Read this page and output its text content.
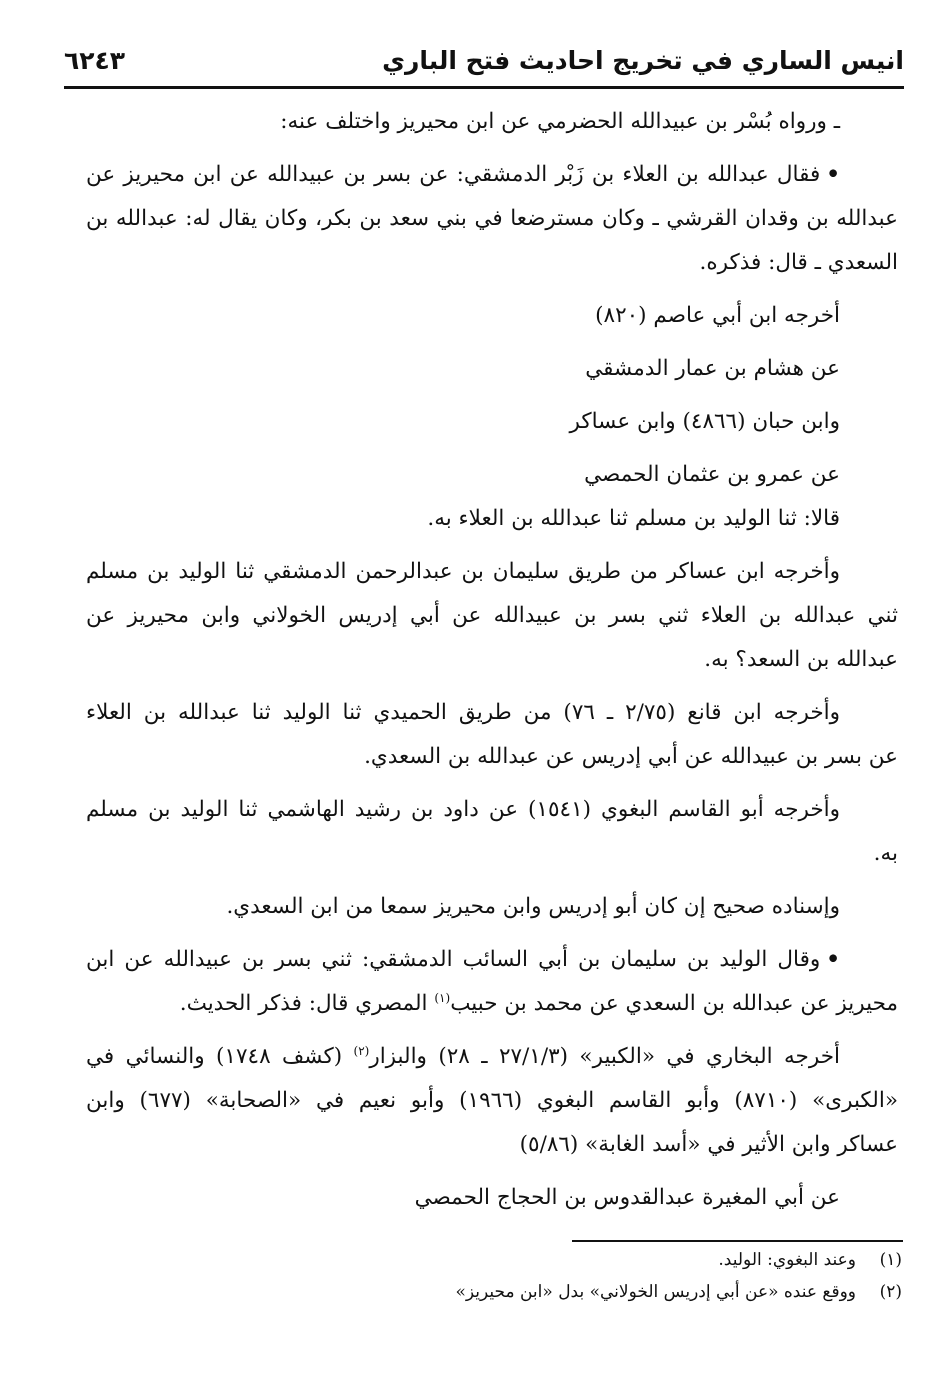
انيس الساري في تخريج احاديث فتح الباري
٦٢٤٣

ـ ورواه بُسْر بن عبيدالله الحضرمي عن ابن محيريز واختلف عنه:

•فقال عبدالله بن العلاء بن زَبْر الدمشقي: عن بسر بن عبيدالله عن ابن محيريز عن

عبدالله بن وقدان القرشي ـ وكان مسترضعا في بني سعد بن بكر، وكان يقال له: عبدالله بن

السعدي ـ قال: فذكره.

أخرجه ابن أبي عاصم (٨٢٠)

عن هشام بن عمار الدمشقي

وابن حبان (٤٨٦٦) وابن عساكر

عن عمرو بن عثمان الحمصي

قالا: ثنا الوليد بن مسلم ثنا عبدالله بن العلاء به.

وأخرجه ابن عساكر من طريق سليمان بن عبدالرحمن الدمشقي ثنا الوليد بن مسلم

ثني عبدالله بن العلاء ثني بسر بن عبيدالله عن أبي إدريس الخولاني وابن محيريز عن

عبدالله بن السعد؟ به.

وأخرجه ابن قانع (٢/٧٥ ـ ٧٦) من طريق الحميدي ثنا الوليد ثنا عبدالله بن العلاء

عن بسر بن عبيدالله عن أبي إدريس عن عبدالله بن السعدي.

وأخرجه أبو القاسم البغوي (١٥٤١) عن داود بن رشيد الهاشمي ثنا الوليد بن مسلم

به.

وإسناده صحيح إن كان أبو إدريس وابن محيريز سمعا من ابن السعدي.

•وقال الوليد بن سليمان بن أبي السائب الدمشقي: ثني بسر بن عبيدالله عن ابن

محيريز عن عبدالله بن السعدي عن محمد بن حبيب$^{(١)}$ المصري قال: فذكر الحديث.

أخرجه البخاري في «الكبير» (٢٧/١/٣ ـ ٢٨) والبزار$^{(٢)}$ (كشف ١٧٤٨) والنسائي في

«الكبرى» (٨٧١٠) وأبو القاسم البغوي (١٩٦٦) وأبو نعيم في «الصحابة» (٦٧٧) وابن

عساكر وابن الأثير في «أسد الغابة» (٥/٨٦)

عن أبي المغيرة عبدالقدوس بن الحجاج الحمصي

(١)
وعند البغوي: الوليد.
(٢)
ووقع عنده «عن أبي إدريس الخولاني» بدل «ابن محيريز»
